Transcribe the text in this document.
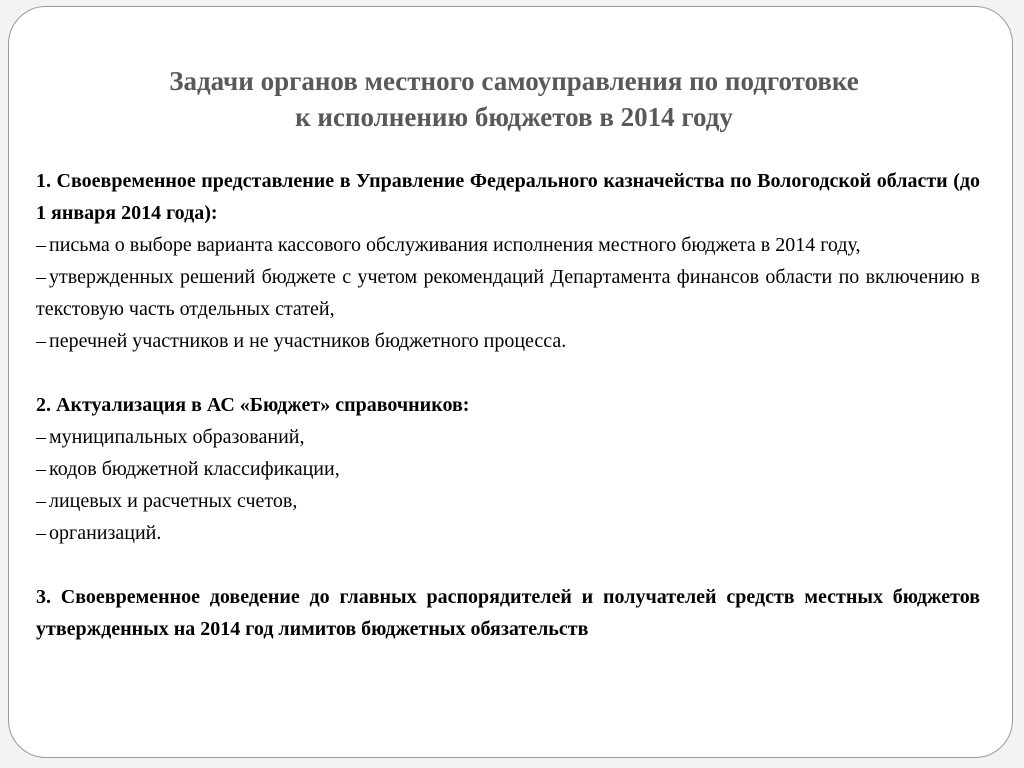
Задачи органов местного самоуправления по подготовке
к исполнению бюджетов в 2014 году

1. Своевременное представление в Управление Федерального казначейства по Вологодской области (до 1 января 2014 года):

– письма о выборе варианта кассового обслуживания исполнения местного бюджета в 2014 году,

– утвержденных решений бюджете с учетом рекомендаций Департамента финансов области по включению в текстовую часть отдельных статей,

– перечней участников и не участников бюджетного процесса.

2. Актуализация в АС «Бюджет» справочников:

– муниципальных образований,

– кодов бюджетной классификации,

– лицевых и расчетных счетов,

– организаций.

3. Своевременное доведение до главных распорядителей и получателей средств местных бюджетов утвержденных на 2014 год лимитов бюджетных обязательств
